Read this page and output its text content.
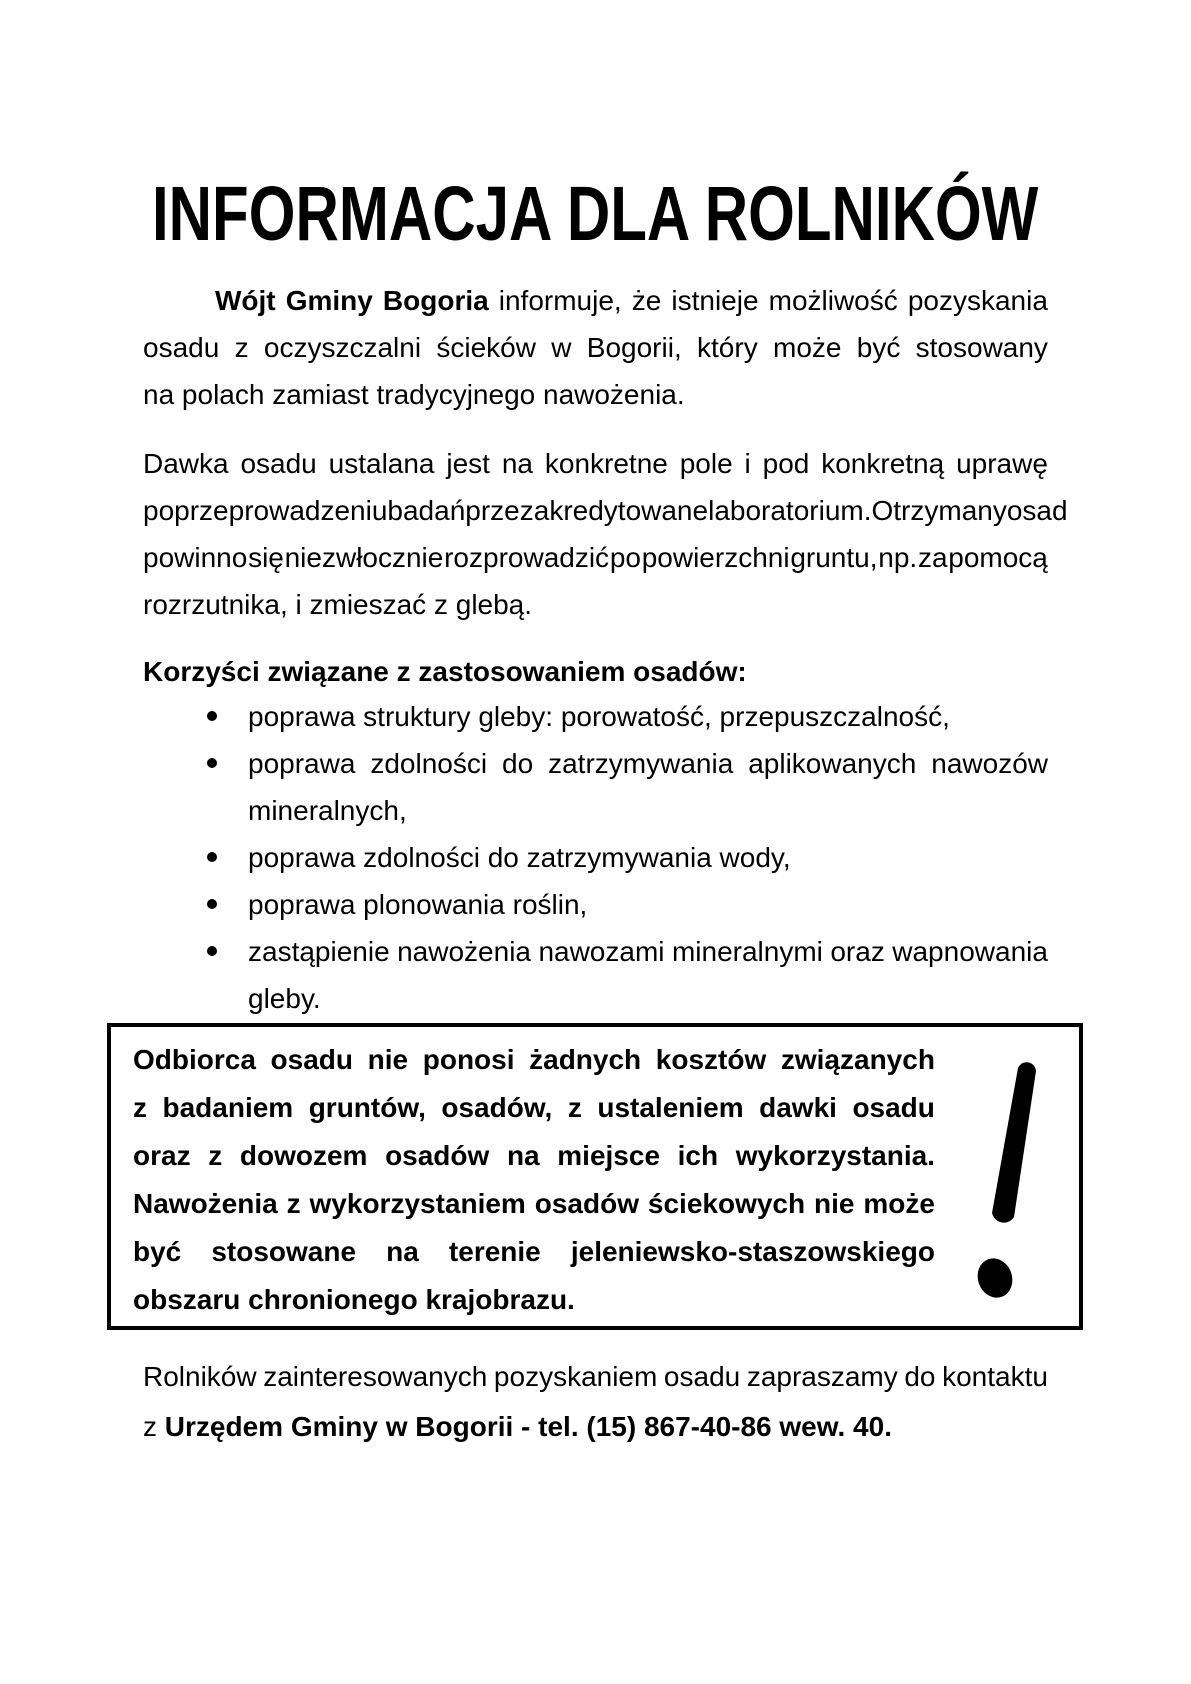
INFORMACJA DLA ROLNIKÓW
Wójt Gminy Bogoria informuje, że istnieje możliwość pozyskania
osadu z oczyszczalni ścieków w Bogorii, który może być stosowany
na polach zamiast tradycyjnego nawożenia.
Dawka osadu ustalana jest na konkretne pole i pod konkretną uprawę
po przeprowadzeniu badań przez akredytowane laboratorium. Otrzymany osad
powinno się niezwłocznie rozprowadzić po powierzchni gruntu, np. za pomocą
rozrzutnika, i zmieszać z glebą.
Korzyści związane z zastosowaniem osadów:
poprawa struktury gleby: porowatość, przepuszczalność,
poprawa zdolności do zatrzymywania aplikowanych nawozów
mineralnych,
poprawa zdolności do zatrzymywania wody,
poprawa plonowania roślin,
zastąpienie nawożenia nawozami mineralnymi oraz wapnowania
gleby.
Odbiorca osadu nie ponosi żadnych kosztów związanych
z badaniem gruntów, osadów, z ustaleniem dawki osadu
oraz z dowozem osadów na miejsce ich wykorzystania.
Nawożenia z wykorzystaniem osadów ściekowych nie może
być stosowane na terenie jeleniewsko-staszowskiego
obszaru chronionego krajobrazu.
Rolników zainteresowanych pozyskaniem osadu zapraszamy do kontaktu
z Urzędem Gminy w Bogorii - tel. (15) 867-40-86 wew. 40.
